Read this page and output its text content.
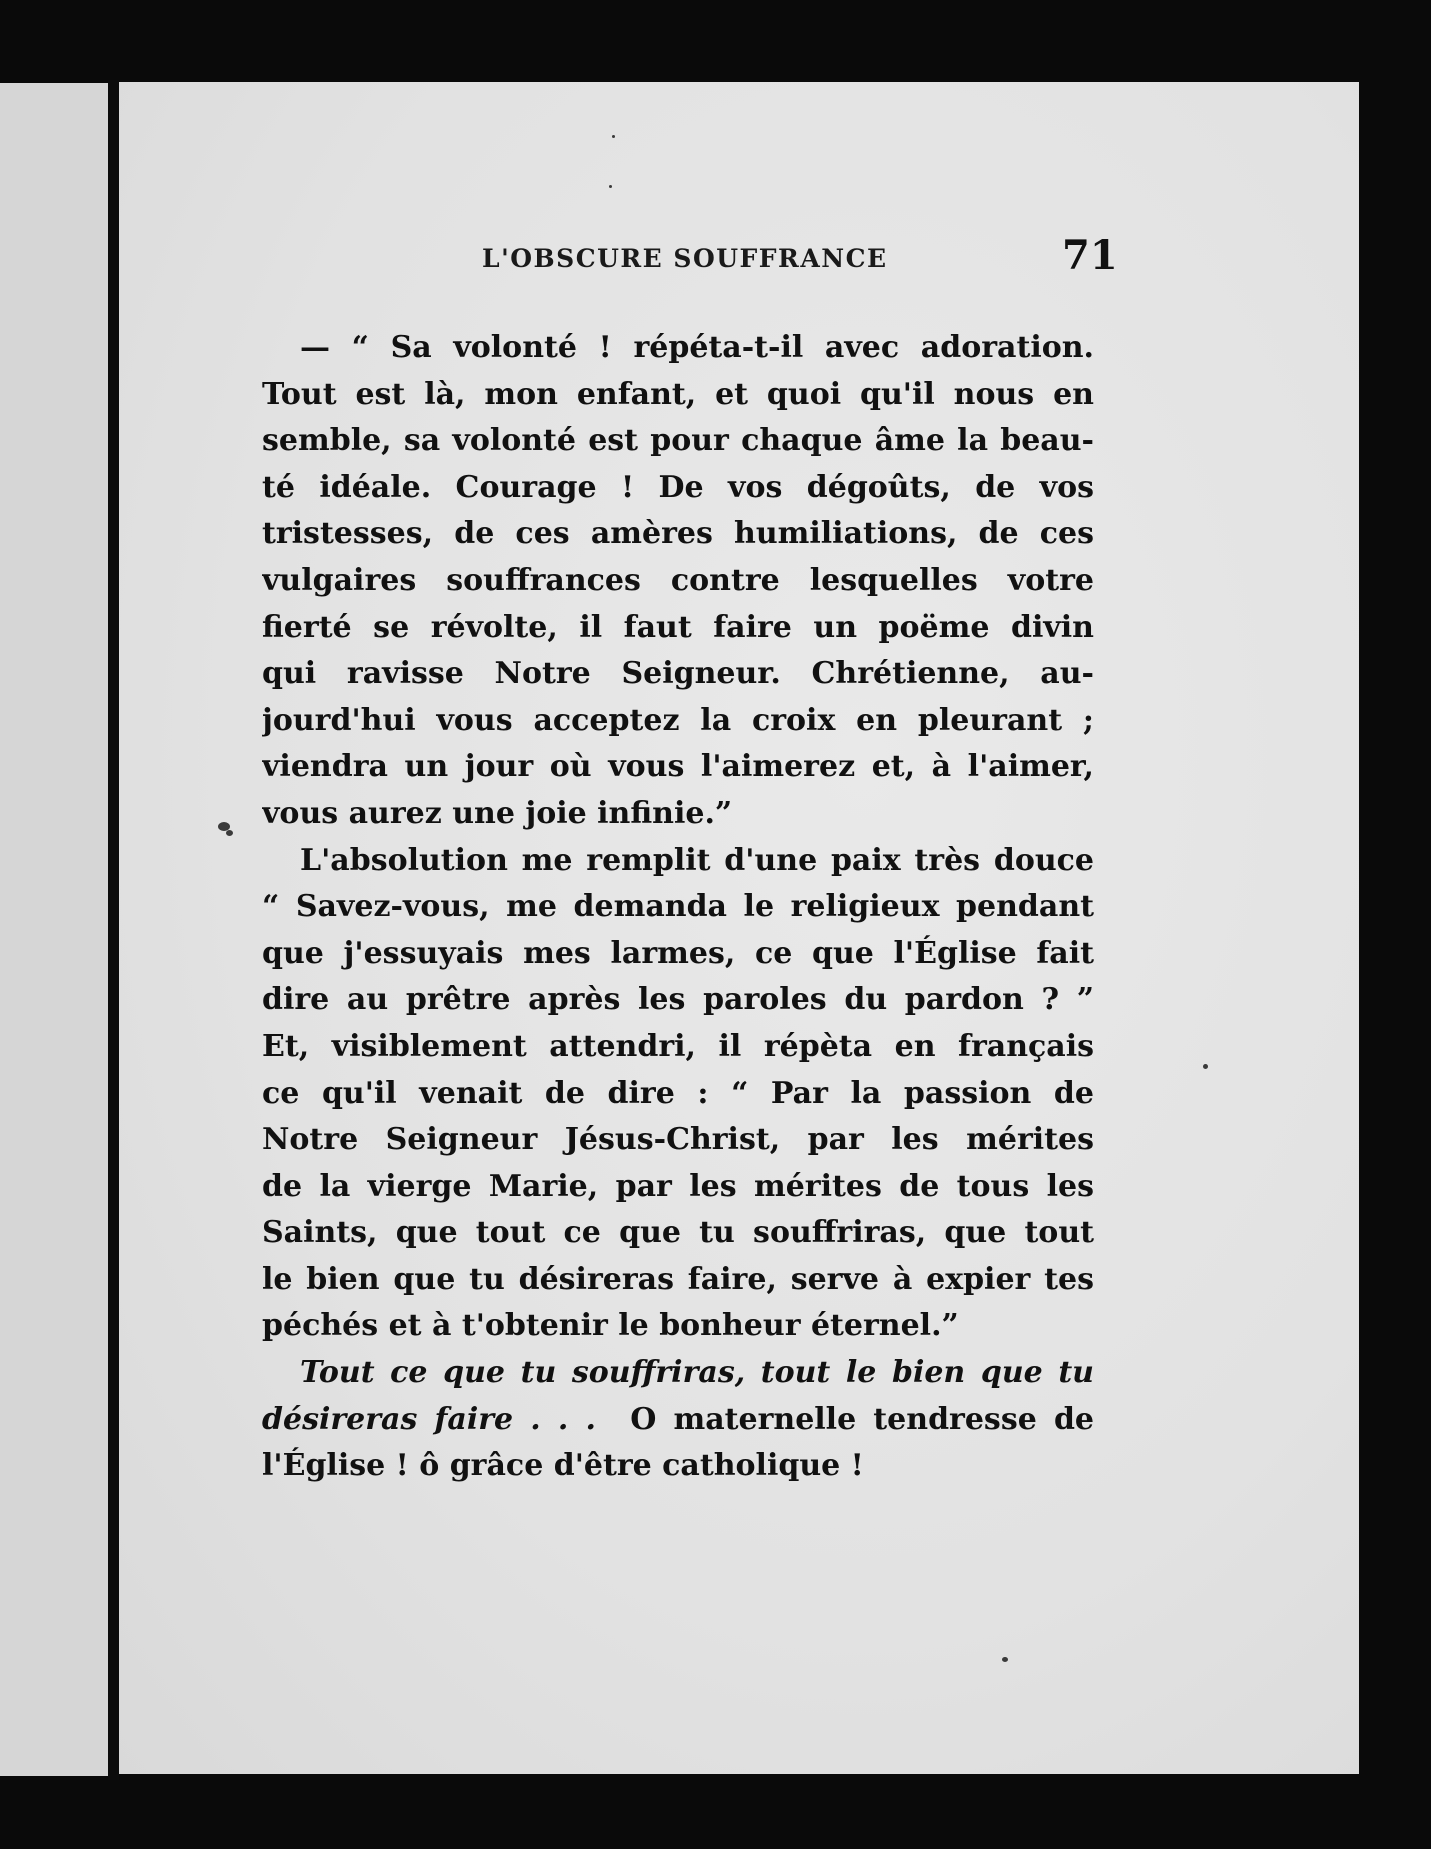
L'OBSCURE SOUFFRANCE	71
— “ Sa volonté ! répéta-t-il avec adoration.
Tout est là, mon enfant, et quoi qu'il nous en
semble, sa volonté est pour chaque âme la beau-
té idéale. Courage ! De vos dégoûts, de vos
tristesses, de ces amères humiliations, de ces
vulgaires souffrances contre lesquelles votre
fierté se révolte, il faut faire un poëme divin
qui ravisse Notre Seigneur. Chrétienne, au-
jourd'hui vous acceptez la croix en pleurant ;
viendra un jour où vous l'aimerez et, à l'aimer,
vous aurez une joie infinie.”
L'absolution me remplit d'une paix très douce
“ Savez-vous, me demanda le religieux pendant
que j'essuyais mes larmes, ce que l'Église fait
dire au prêtre après les paroles du pardon ? ”
Et, visiblement attendri, il répèta en français
ce qu'il venait de dire : “ Par la passion de
Notre Seigneur Jésus-Christ, par les mérites
de la vierge Marie, par les mérites de tous les
Saints, que tout ce que tu souffriras, que tout
le bien que tu désireras faire, serve à expier tes
péchés et à t'obtenir le bonheur éternel.”
Tout ce que tu souffriras, tout le bien que tu
désireras faire . . . O maternelle tendresse de
l'Église ! ô grâce d'être catholique !
